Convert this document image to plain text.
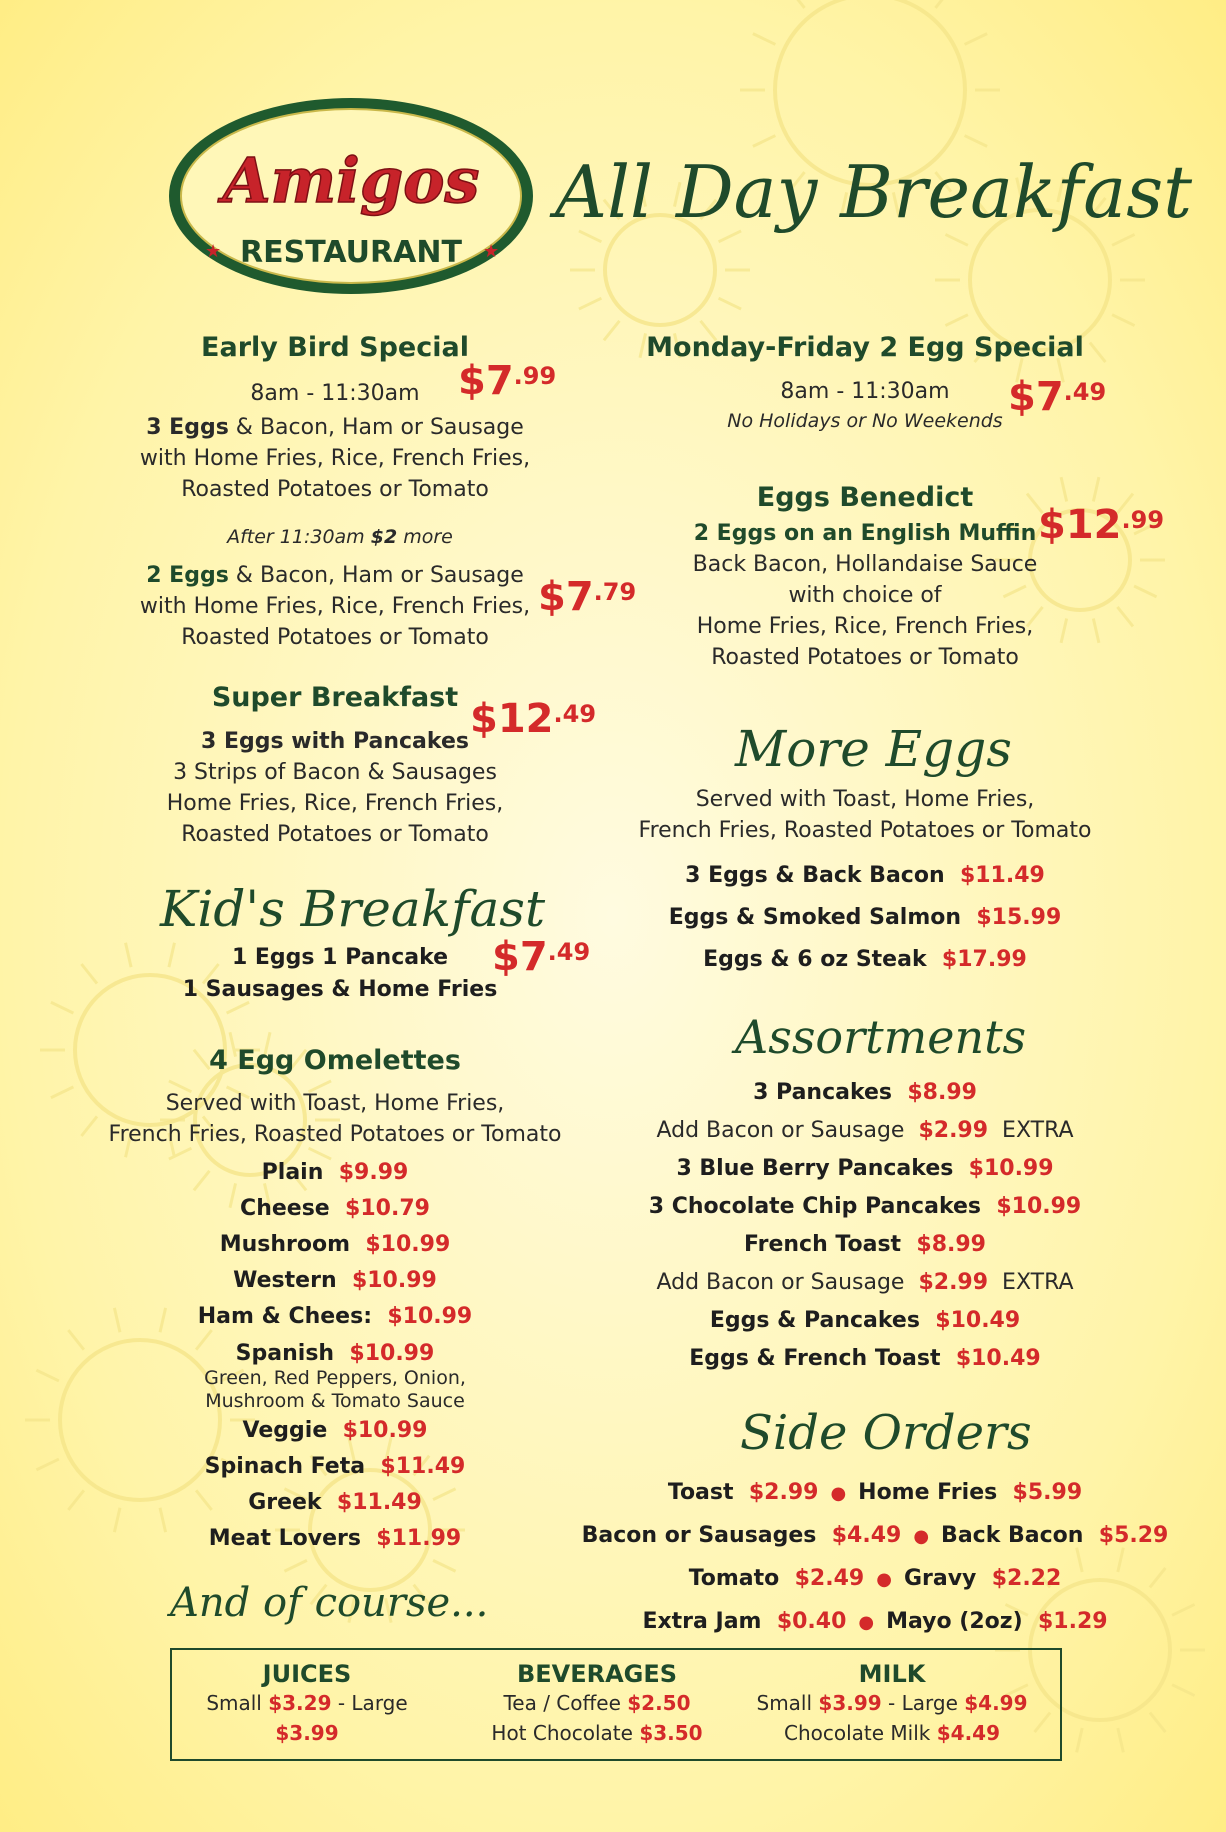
Amigos
RESTAURANT
★	★
All Day Breakfast
Early Bird Special
8am - 11:30am $7.99
3 Eggs & Bacon, Ham or Sausage
with Home Fries, Rice, French Fries,
Roasted Potatoes or Tomato
After 11:30am $2 more
2 Eggs & Bacon, Ham or Sausage
with Home Fries, Rice, French Fries,
Roasted Potatoes or Tomato
$7.79
Super Breakfast $12.49
3 Eggs with Pancakes
3 Strips of Bacon & Sausages
Home Fries, Rice, French Fries,
Roasted Potatoes or Tomato
Kid's Breakfast
1 Eggs 1 Pancake
1 Sausages & Home Fries
$7.49
4 Egg Omelettes
Served with Toast, Home Fries,
French Fries, Roasted Potatoes or Tomato
Plain $9.99
Cheese $10.79
Mushroom $10.99
Western $10.99
Ham & Chees: $10.99
Spanish $10.99
Green, Red Peppers, Onion,
Mushroom & Tomato Sauce
Veggie $10.99
Spinach Feta $11.49
Greek $11.49
Meat Lovers $11.99
And of course...
Monday-Friday 2 Egg Special
8am - 11:30am
No Holidays or No Weekends
$7.49
Eggs Benedict
2 Eggs on an English Muffin
Back Bacon, Hollandaise Sauce
with choice of
Home Fries, Rice, French Fries,
Roasted Potatoes or Tomato
$12.99
More Eggs
Served with Toast, Home Fries,
French Fries, Roasted Potatoes or Tomato
3 Eggs & Back Bacon $11.49
Eggs & Smoked Salmon $15.99
Eggs & 6 oz Steak $17.99
Assortments
3 Pancakes $8.99
Add Bacon or Sausage $2.99 EXTRA
3 Blue Berry Pancakes $10.99
3 Chocolate Chip Pancakes $10.99
French Toast $8.99
Add Bacon or Sausage $2.99 EXTRA
Eggs & Pancakes $10.49
Eggs & French Toast $10.49
Side Orders
Toast $2.99 ● Home Fries $5.99
Bacon or Sausages $4.49 ● Back Bacon $5.29
Tomato $2.49 ● Gravy $2.22
Extra Jam $0.40 ● Mayo (2oz) $1.29
JUICES
Small $3.29 - Large $3.99
BEVERAGES
Tea / Coffee $2.50
Hot Chocolate $3.50
MILK
Small $3.99 - Large $4.99
Chocolate Milk $4.49
